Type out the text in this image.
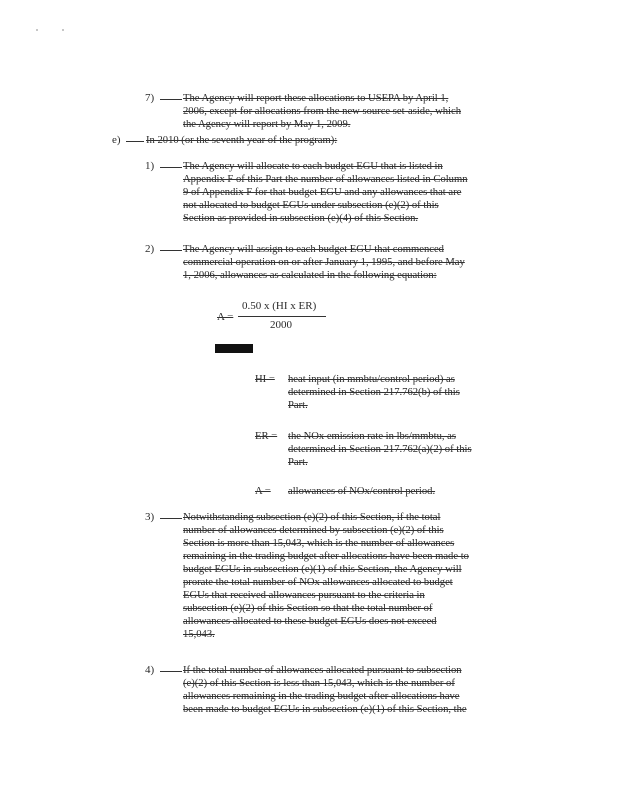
7)	The Agency will report these allocations to USEPA by April 1,
2006, except for allocations from the new source set-aside, which
the Agency will report by May 1, 2009.
e) In 2010 (or the seventh year of the program):
1)	The Agency will allocate to each budget EGU that is listed in
Appendix F of this Part the number of allowances listed in Column
9 of Appendix F for that budget EGU and any allowances that are
not allocated to budget EGUs under subsection (e)(2) of this
Section as provided in subsection (e)(4) of this Section.
2)	The Agency will assign to each budget EGU that commenced
commercial operation on or after January 1, 1995, and before May
1, 2006, allowances as calculated in the following equation:
A =
0.50 x (HI x ER)
2000
HI = heat input (in mmbtu/control period) as
determined in Section 217.762(b) of this
Part.
ER = the NOx emission rate in lbs/mmbtu, as
determined in Section 217.762(a)(2) of this
Part.
A = allowances of NOx/control period.
3)	Notwithstanding subsection (e)(2) of this Section, if the total
number of allowances determined by subsection (e)(2) of this
Section is more than 15,043, which is the number of allowances
remaining in the trading budget after allocations have been made to
budget EGUs in subsection (e)(1) of this Section, the Agency will
prorate the total number of NOx allowances allocated to budget
EGUs that received allowances pursuant to the criteria in
subsection (e)(2) of this Section so that the total number of
allowances allocated to these budget EGUs does not exceed
15,043.
4)	If the total number of allowances allocated pursuant to subsection
(e)(2) of this Section is less than 15,043, which is the number of
allowances remaining in the trading budget after allocations have
been made to budget EGUs in subsection (e)(1) of this Section, the
